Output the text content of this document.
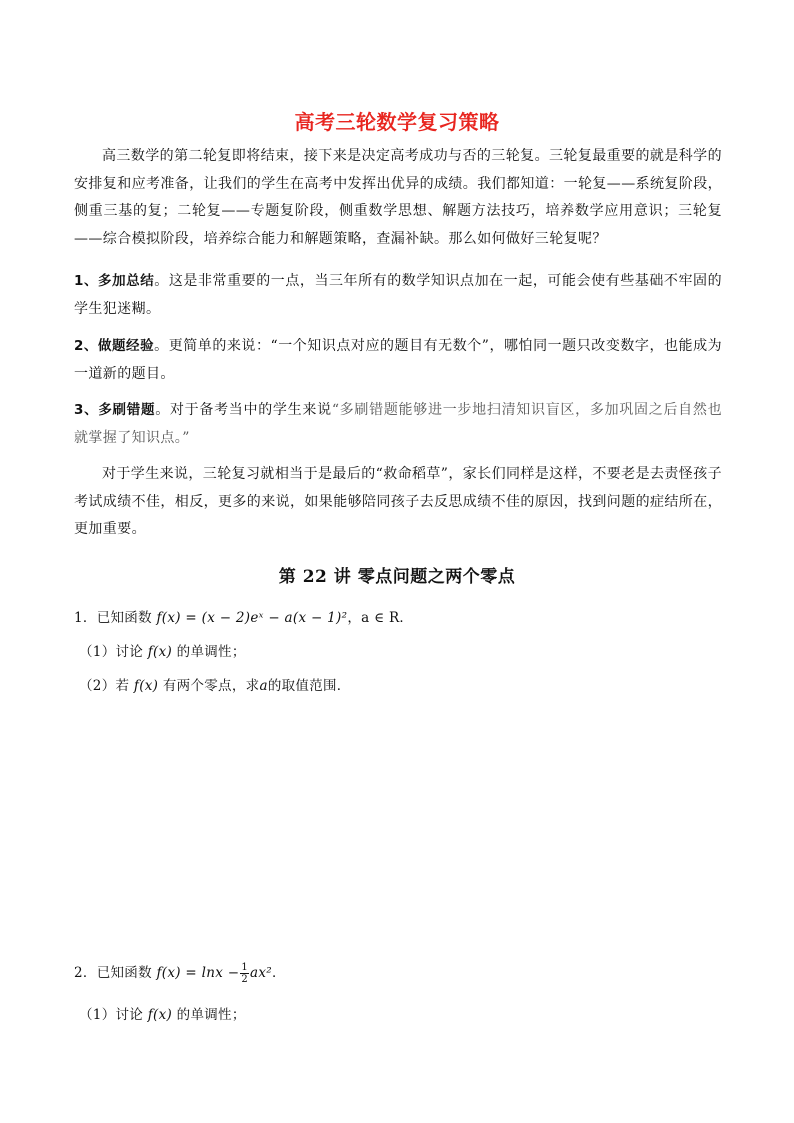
高考三轮数学复习策略

高三数学的第二轮复即将结束，接下来是决定高考成功与否的三轮复。三轮复最重要的就是科学的安排复和应考准备，让我们的学生在高考中发挥出优异的成绩。我们都知道：一轮复——系统复阶段，侧重三基的复；二轮复——专题复阶段，侧重数学思想、解题方法技巧，培养数学应用意识；三轮复——综合模拟阶段，培养综合能力和解题策略，查漏补缺。那么如何做好三轮复呢？

1、多加总结。这是非常重要的一点，当三年所有的数学知识点加在一起，可能会使有些基础不牢固的学生犯迷糊。

2、做题经验。更简单的来说：“一个知识点对应的题目有无数个”，哪怕同一题只改变数字，也能成为一道新的题目。

3、多刷错题。对于备考当中的学生来说“多刷错题能够进一步地扫清知识盲区，多加巩固之后自然也就掌握了知识点。”

对于学生来说，三轮复习就相当于是最后的“救命稻草”，家长们同样是这样，不要老是去责怪孩子考试成绩不佳，相反，更多的来说，如果能够陪同孩子去反思成绩不佳的原因，找到问题的症结所在，更加重要。

第 22 讲 零点问题之两个零点

1．已知函数 f(x) = (x − 2)eˣ − a(x − 1)²，a ∈ R．

（1）讨论 f(x) 的单调性；

（2）若 f(x) 有两个零点，求a的取值范围．

2．已知函数 $f(x) = \ln x - \frac{1}{2} ax^2$．

（1）讨论 f(x) 的单调性；
